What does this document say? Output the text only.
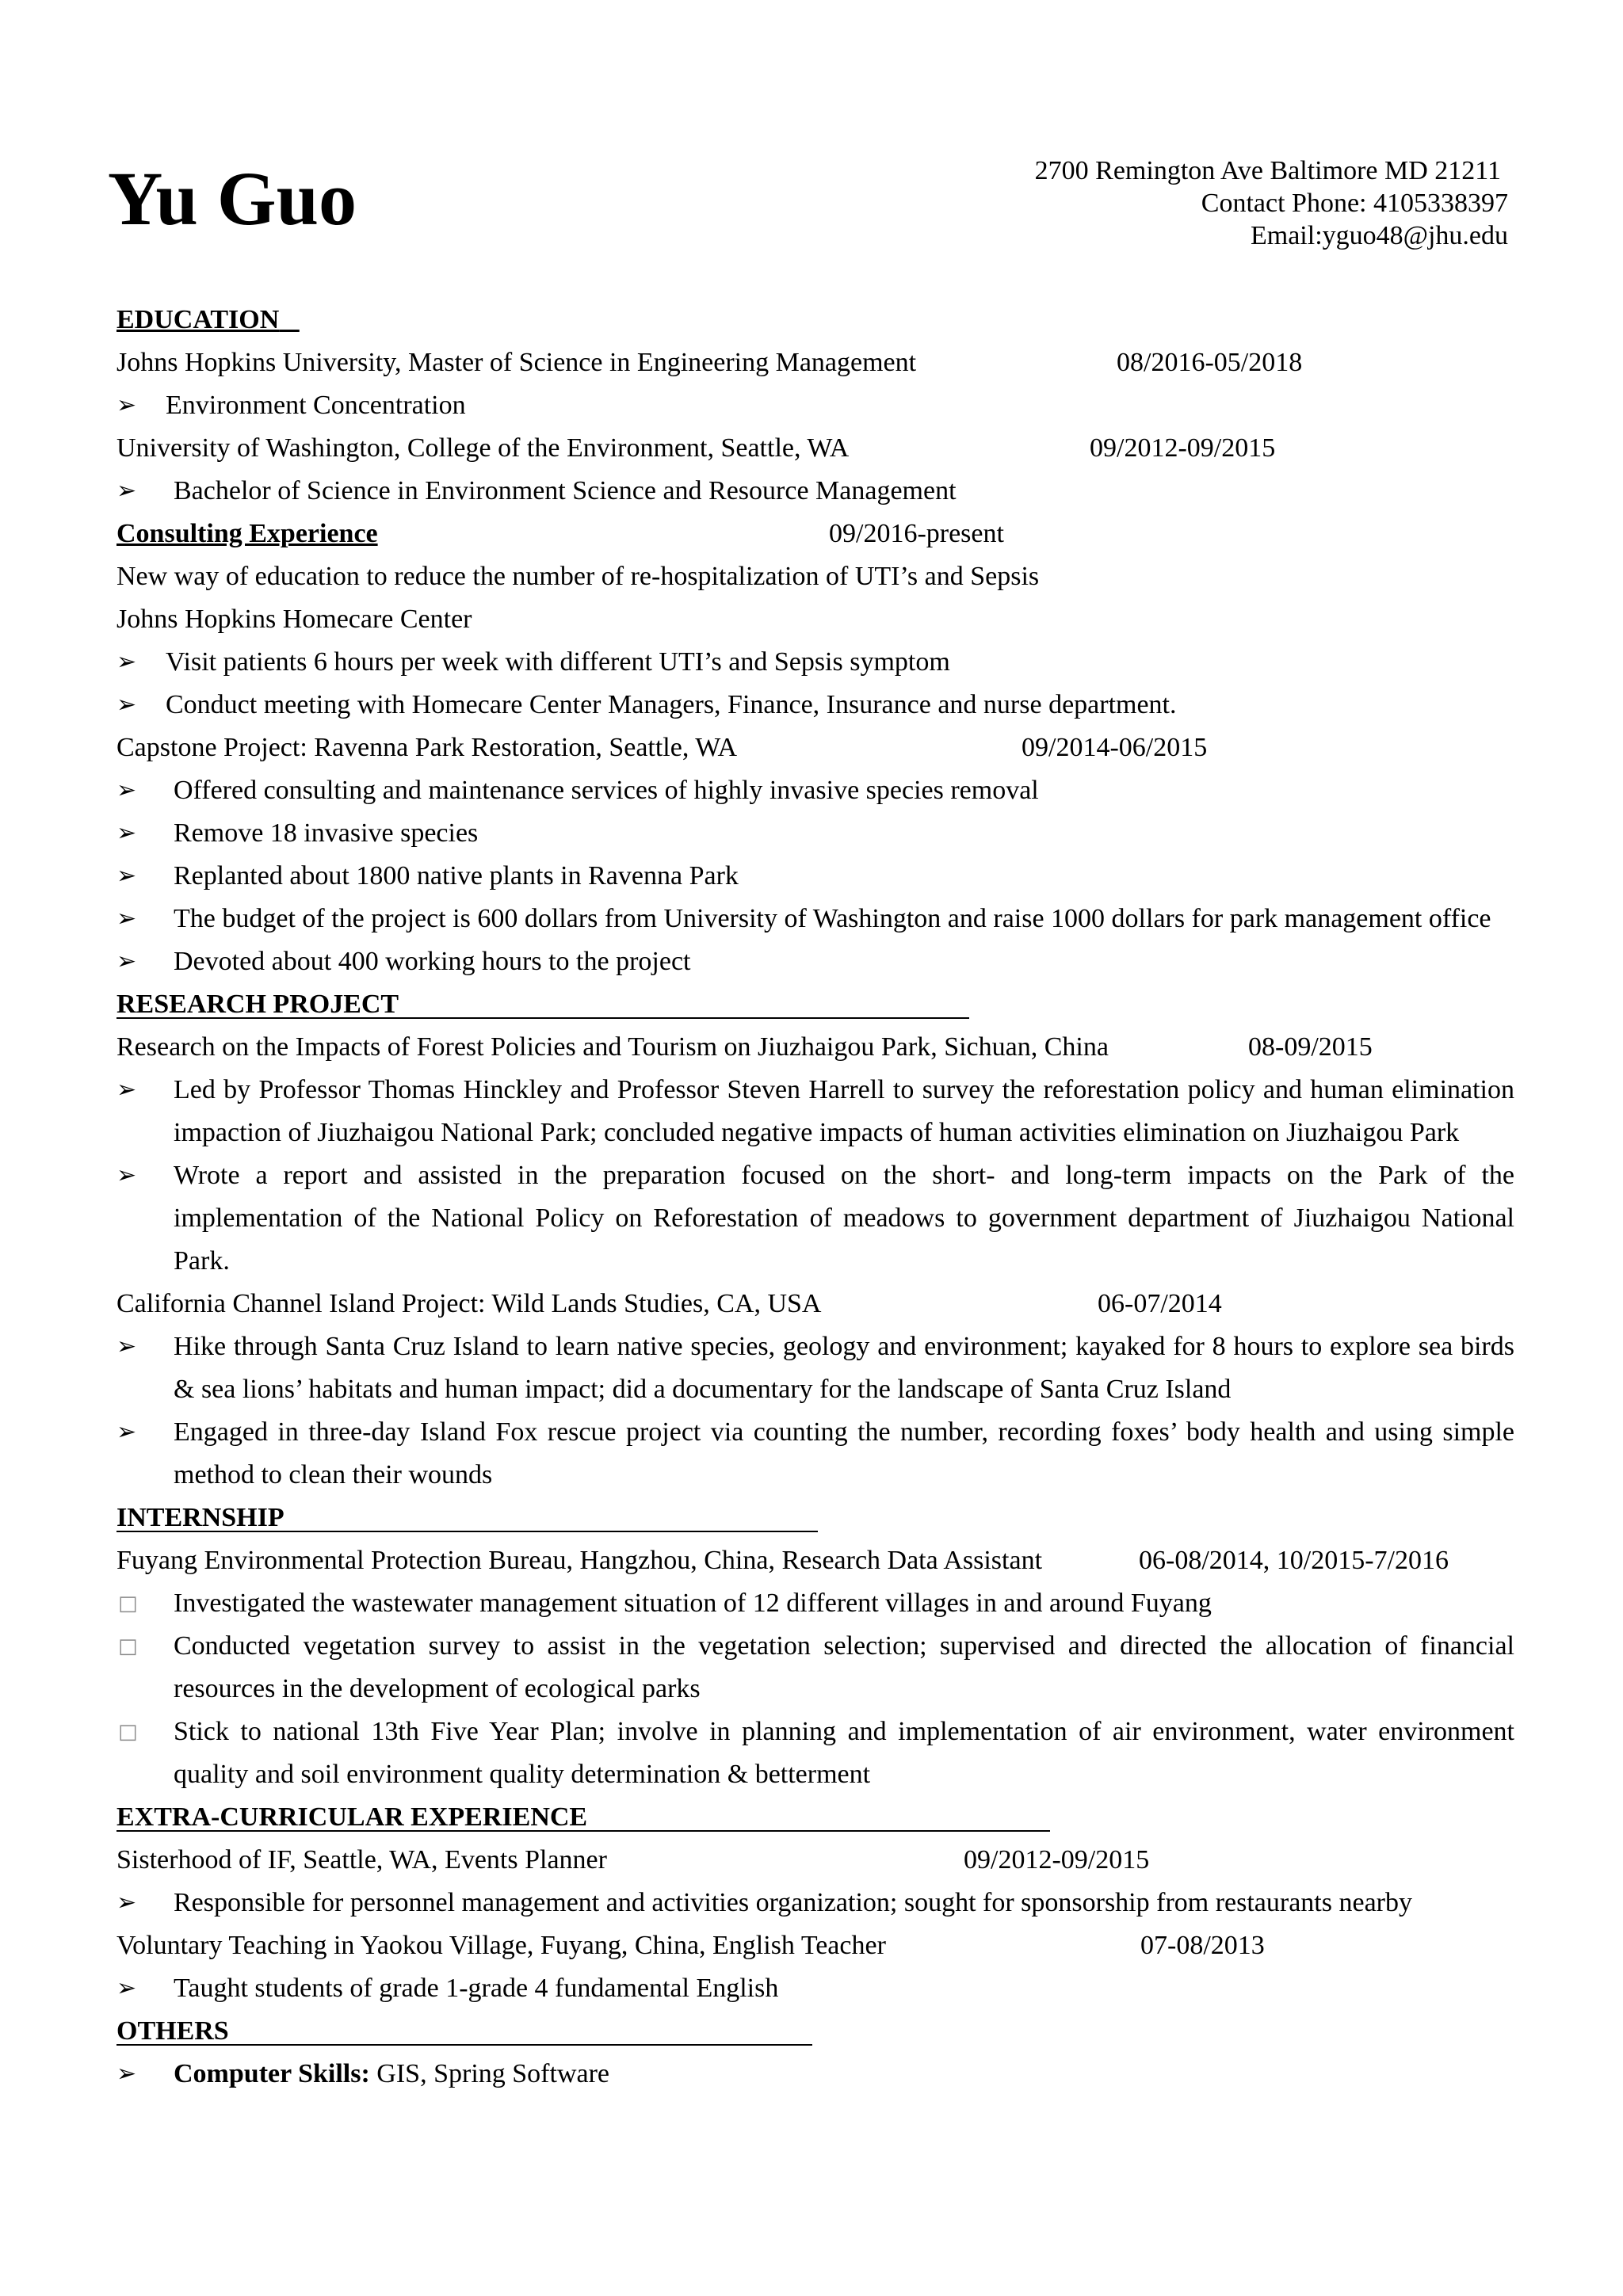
Yu Guo	2700 Remington Ave Baltimore MD 21211
Contact Phone: 4105338397
Email:yguo48@jhu.edu
EDUCATION
Johns Hopkins University, Master of Science in Engineering Management	08/2016-05/2018
➢	Environment Concentration
University of Washington, College of the Environment, Seattle, WA	09/2012-09/2015
➢	Bachelor of Science in Environment Science and Resource Management
Consulting Experience	09/2016-present
New way of education to reduce the number of re-hospitalization of UTI’s and Sepsis
Johns Hopkins Homecare Center
➢	Visit patients 6 hours per week with different UTI’s and Sepsis symptom
➢	Conduct meeting with Homecare Center Managers, Finance, Insurance and nurse department.
Capstone Project: Ravenna Park Restoration, Seattle, WA	09/2014-06/2015
➢	Offered consulting and maintenance services of highly invasive species removal
➢	Remove 18 invasive species
➢	Replanted about 1800 native plants in Ravenna Park
➢	The budget of the project is 600 dollars from University of Washington and raise 1000 dollars for park management office
➢	Devoted about 400 working hours to the project
RESEARCH PROJECT
Research on the Impacts of Forest Policies and Tourism on Jiuzhaigou Park, Sichuan, China	08-09/2015
➢	Led by Professor Thomas Hinckley and Professor Steven Harrell to survey the reforestation policy and human elimination impaction of Jiuzhaigou National Park; concluded negative impacts of human activities elimination on Jiuzhaigou Park
➢	Wrote a report and assisted in the preparation focused on the short- and long-term impacts on the Park of the implementation of the National Policy on Reforestation of meadows to government department of Jiuzhaigou National Park.
California Channel Island Project: Wild Lands Studies, CA, USA	06-07/2014
➢	Hike through Santa Cruz Island to learn native species, geology and environment; kayaked for 8 hours to explore sea birds & sea lions’ habitats and human impact; did a documentary for the landscape of Santa Cruz Island
➢	Engaged in three-day Island Fox rescue project via counting the number, recording foxes’ body health and using simple method to clean their wounds
INTERNSHIP
Fuyang Environmental Protection Bureau, Hangzhou, China, Research Data Assistant	06-08/2014, 10/2015-7/2016
□	Investigated the wastewater management situation of 12 different villages in and around Fuyang
□	Conducted vegetation survey to assist in the vegetation selection; supervised and directed the allocation of financial resources in the development of ecological parks
□	Stick to national 13th Five Year Plan; involve in planning and implementation of air environment, water environment quality and soil environment quality determination & betterment
EXTRA-CURRICULAR EXPERIENCE
Sisterhood of IF, Seattle, WA, Events Planner	09/2012-09/2015
➢	Responsible for personnel management and activities organization; sought for sponsorship from restaurants nearby
Voluntary Teaching in Yaokou Village, Fuyang, China, English Teacher	07-08/2013
➢	Taught students of grade 1-grade 4 fundamental English
OTHERS
➢	Computer Skills: GIS, Spring Software
